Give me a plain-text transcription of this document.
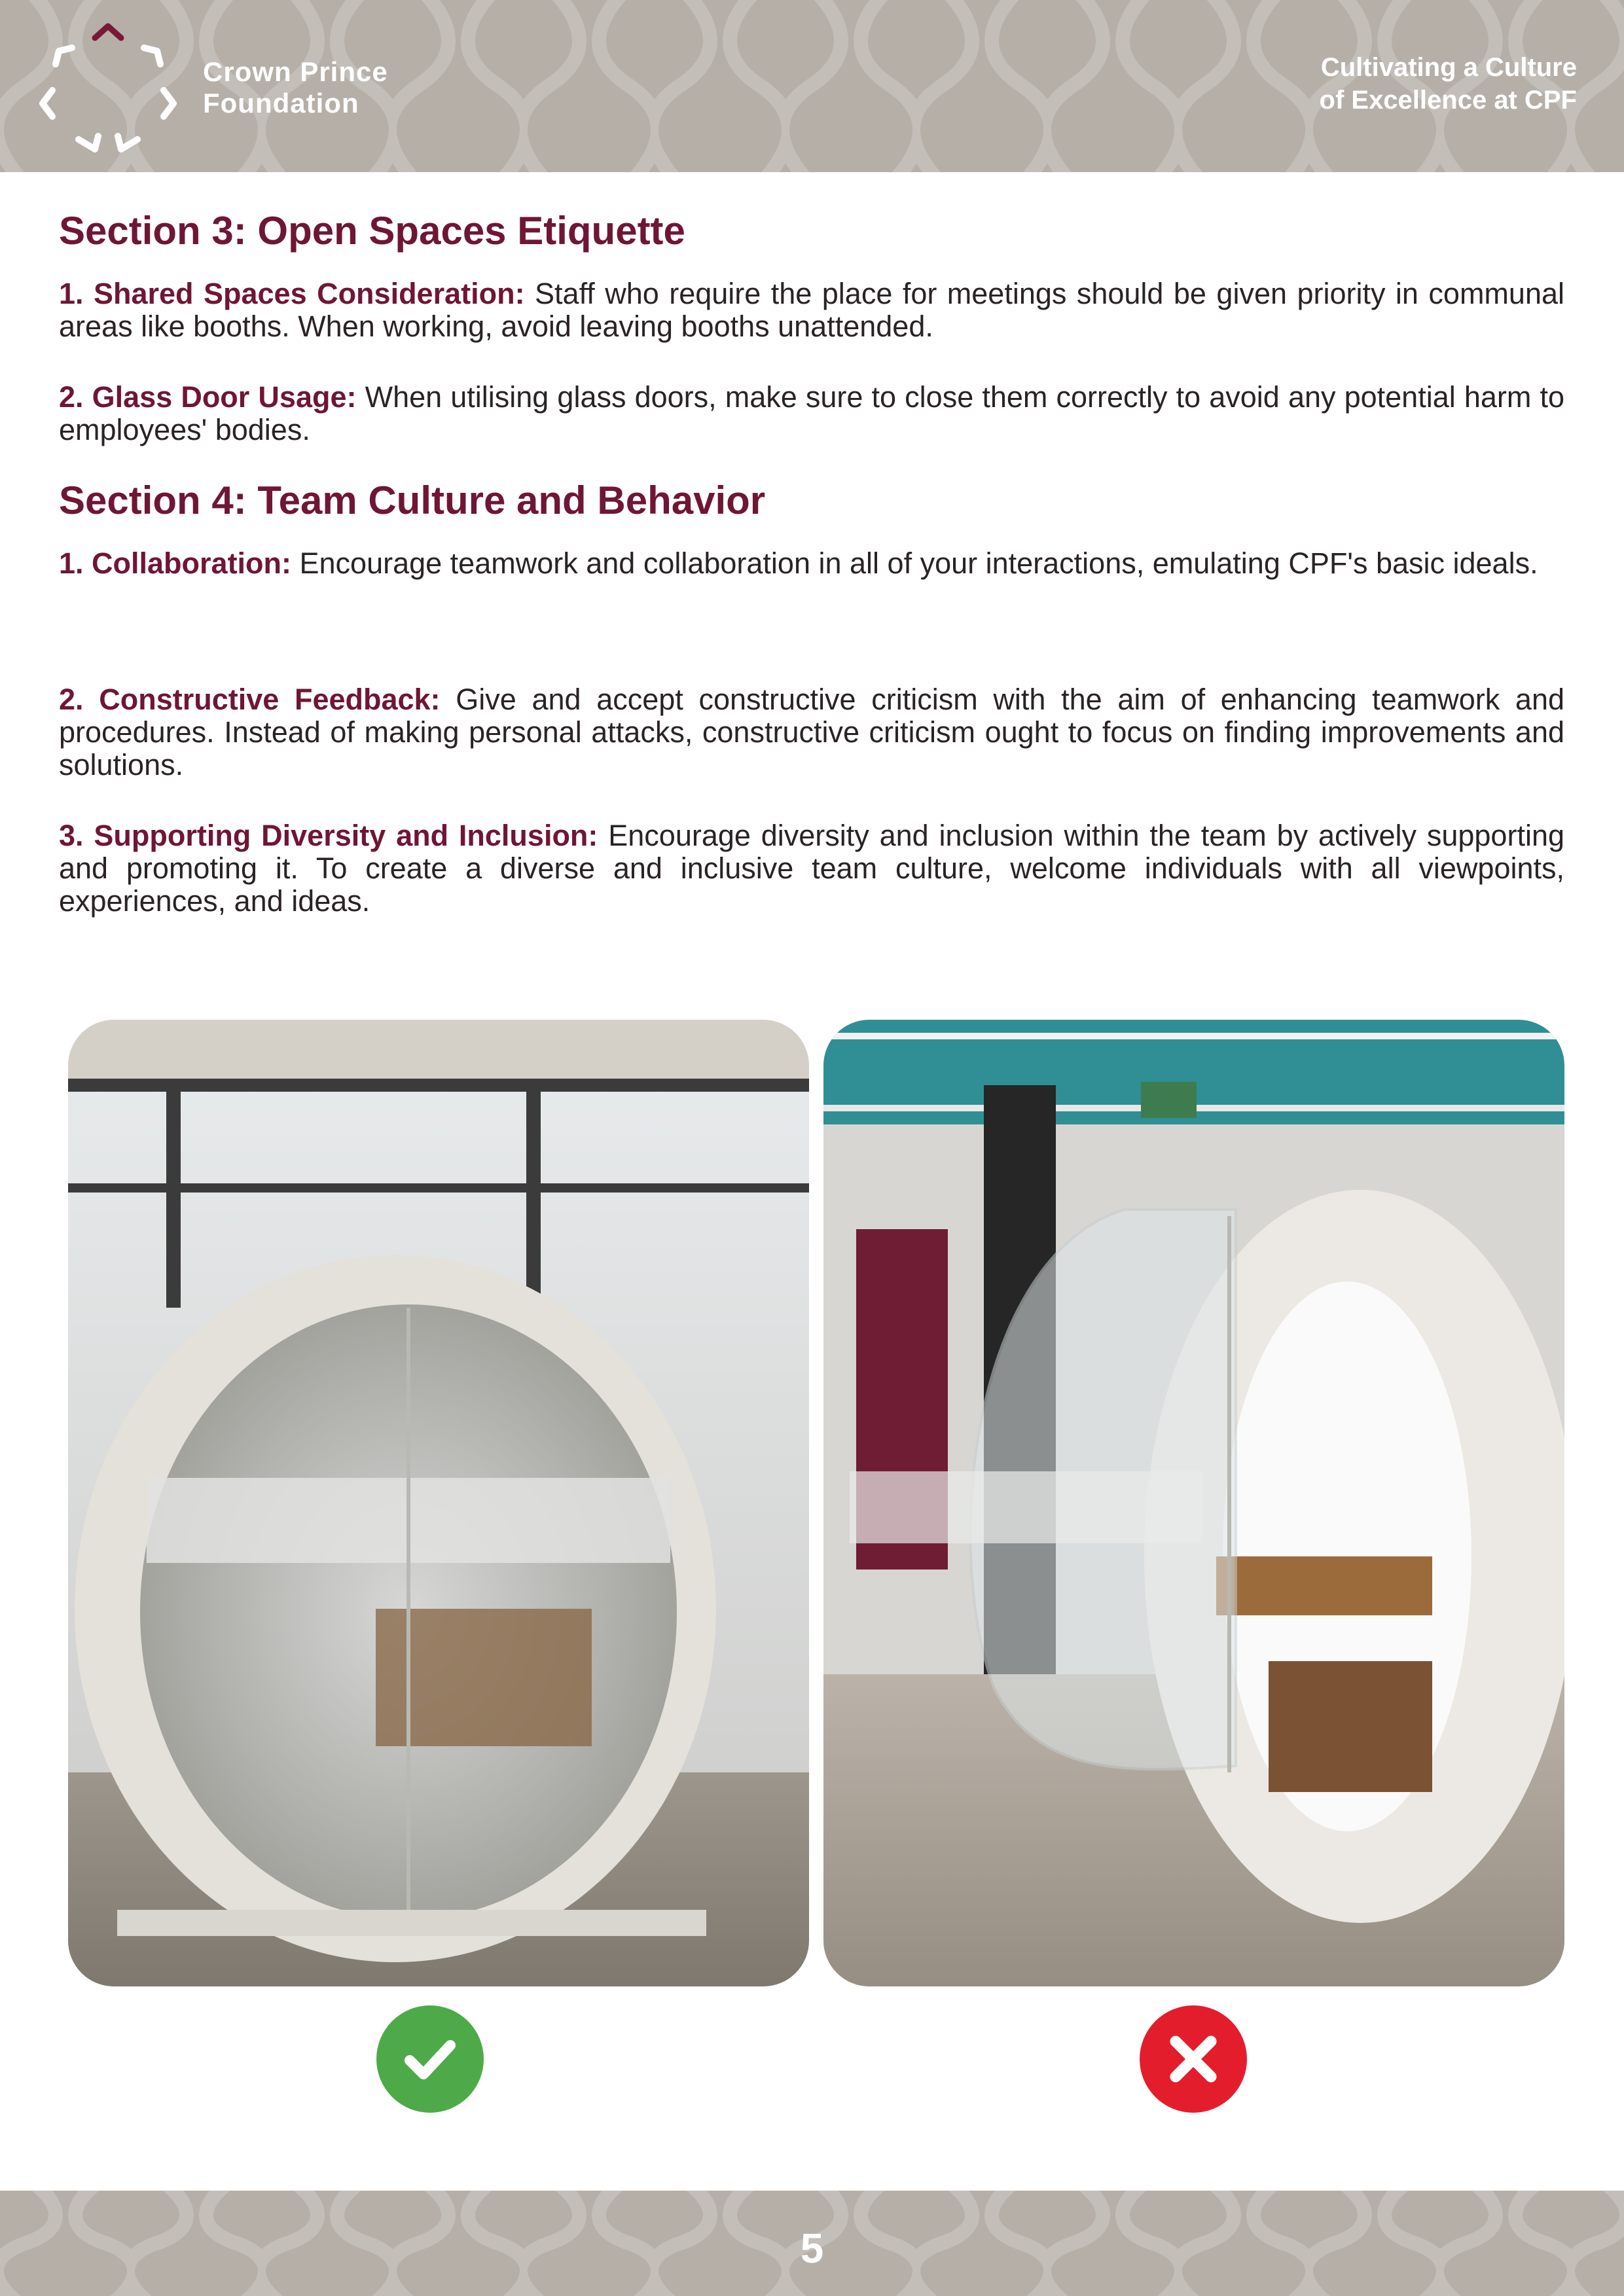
Crown Prince
Foundation
Cultivating a Culture
of Excellence at CPF
Section 3: Open Spaces Etiquette

1. Shared Spaces Consideration: Staff who require the place for meetings should be given priority in communal areas like booths. When working, avoid leaving booths unattended.

2. Glass Door Usage: When utilising glass doors, make sure to close them correctly to avoid any potential harm to employees' bodies.

Section 4: Team Culture and Behavior

1. Collaboration: Encourage teamwork and collaboration in all of your interactions, emulating CPF's basic ideals.

2. Constructive Feedback: Give and accept constructive criticism with the aim of enhancing teamwork and procedures. Instead of making personal attacks, constructive criticism ought to focus on finding improvements and solutions.

3. Supporting Diversity and Inclusion: Encourage diversity and inclusion within the team by actively supporting and promoting it. To create a diverse and inclusive team culture, welcome individuals with all viewpoints, experiences, and ideas.

5
